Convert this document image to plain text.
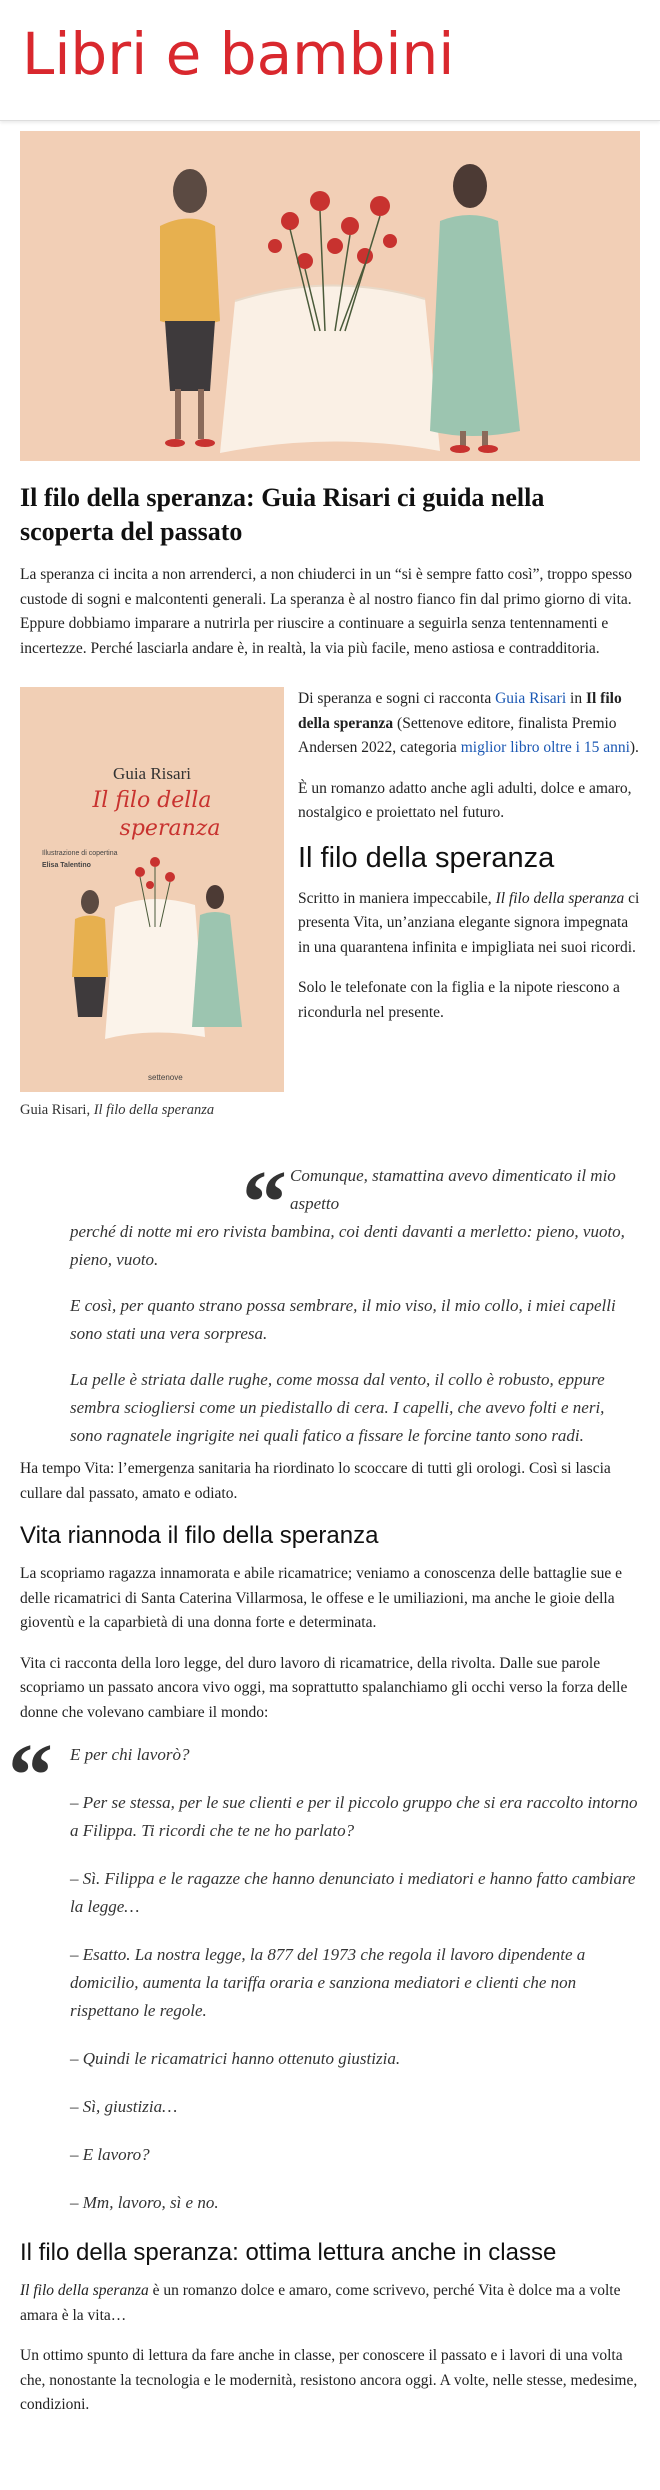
Libri e bambini
Il filo della speranza: Guia Risari ci guida nella scoperta del passato

La speranza ci incita a non arrenderci, a non chiuderci in un “si è sempre fatto così”, troppo spesso custode di sogni e malcontenti generali. La speranza è al nostro fianco fin dal primo giorno di vita. Eppure dobbiamo imparare a nutrirla per riuscire a continuare a seguirla senza tentennamenti e incertezze. Perché lasciarla andare è, in realtà, la via più facile, meno astiosa e contradditoria.

Guia Risari
Il filo della
speranza
Illustrazione di copertina
Elisa Talentino
settenove
Guia Risari, Il filo della speranza

Di speranza e sogni ci racconta Guia Risari in Il filo della speranza (Settenove editore, finalista Premio Andersen 2022, categoria miglior libro oltre i 15 anni).

È un romanzo adatto anche agli adulti, dolce e amaro, nostalgico e proiettato nel futuro.

Il filo della speranza

Scritto in maniera impeccabile, Il filo della speranza ci presenta Vita, un’anziana elegante signora impegnata in una quarantena infinita e impigliata nei suoi ricordi.

Solo le telefonate con la figlia e la nipote riescono a ricondurla nel presente.

“ Comunque, stamattina avevo dimenticato il mio aspetto

perché di notte mi ero rivista bambina, coi denti davanti a merletto: pieno, vuoto, pieno, vuoto.

E così, per quanto strano possa sembrare, il mio viso, il mio collo, i miei capelli sono stati una vera sorpresa.

La pelle è striata dalle rughe, come mossa dal vento, il collo è robusto, eppure sembra sciogliersi come un piedistallo di cera. I capelli, che avevo folti e neri, sono ragnatele ingrigite nei quali fatico a fissare le forcine tanto sono radi.

Ha tempo Vita: l’emergenza sanitaria ha riordinato lo scoccare di tutti gli orologi. Così si lascia cullare dal passato, amato e odiato.

Vita riannoda il filo della speranza

La scopriamo ragazza innamorata e abile ricamatrice; veniamo a conoscenza delle battaglie sue e delle ricamatrici di Santa Caterina Villarmosa, le offese e le umiliazioni, ma anche le gioie della gioventù e la caparbietà di una donna forte e determinata.

Vita ci racconta della loro legge, del duro lavoro di ricamatrice, della rivolta. Dalle sue parole scopriamo un passato ancora vivo oggi, ma soprattutto spalanchiamo gli occhi verso la forza delle donne che volevano cambiare il mondo:

“ E per chi lavorò?

– Per se stessa, per le sue clienti e per il piccolo gruppo che si era raccolto intorno a Filippa. Ti ricordi che te ne ho parlato?

– Sì. Filippa e le ragazze che hanno denunciato i mediatori e hanno fatto cambiare la legge…

– Esatto. La nostra legge, la 877 del 1973 che regola il lavoro dipendente a domicilio, aumenta la tariffa oraria e sanziona mediatori e clienti che non rispettano le regole.

– Quindi le ricamatrici hanno ottenuto giustizia.

– Sì, giustizia…

– E lavoro?

– Mm, lavoro, sì e no.

Il filo della speranza: ottima lettura anche in classe

Il filo della speranza è un romanzo dolce e amaro, come scrivevo, perché Vita è dolce ma a volte amara è la vita…

Un ottimo spunto di lettura da fare anche in classe, per conoscere il passato e i lavori di una volta che, nonostante la tecnologia e le modernità, resistono ancora oggi. A volte, nelle stesse, medesime, condizioni.
